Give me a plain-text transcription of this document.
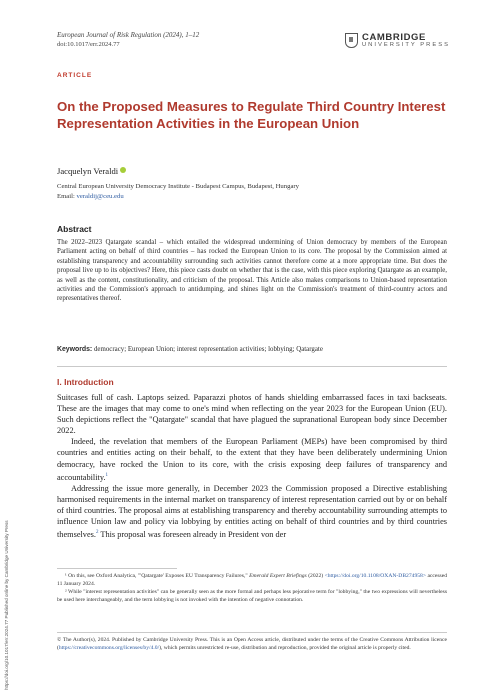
https://doi.org/10.1017/err.2024.77 Published online by Cambridge University Press
European Journal of Risk Regulation (2024), 1–12
doi:10.1017/err.2024.77
CAMBRIDGE
UNIVERSITY PRESS
ARTICLE
On the Proposed Measures to Regulate Third Country Interest Representation Activities in the European Union
Jacquelyn Veraldi
Central European University Democracy Institute - Budapest Campus, Budapest, Hungary
Email: veraldij@ceu.edu
Abstract
The 2022–2023 Qatargate scandal – which entailed the widespread undermining of Union democracy by members of the European Parliament acting on behalf of third countries – has rocked the European Union to its core. The proposal by the Commission aimed at establishing transparency and accountability surrounding such activities cannot therefore come at a more appropriate time. But does the proposal live up to its objectives? Here, this piece casts doubt on whether that is the case, with this piece exploring Qatargate as an example, as well as the content, constitutionality, and criticism of the proposal. This Article also makes comparisons to Union-based representation activities and the Commission's approach to antidumping, and shines light on the Commission's treatment of third-country actors and representatives thereof.
Keywords: democracy; European Union; interest representation activities; lobbying; Qatargate
I. Introduction

Suitcases full of cash. Laptops seized. Paparazzi photos of hands shielding embarrassed faces in taxi backseats. These are the images that may come to one's mind when reflecting on the year 2023 for the European Union (EU). Such depictions reflect the "Qatargate" scandal that have plagued the supranational European body since December 2022.

Indeed, the revelation that members of the European Parliament (MEPs) have been compromised by third countries and entities acting on their behalf, to the extent that they have been deliberately undermining Union democracy, have rocked the Union to its core, with the crisis exposing deep failures of transparency and accountability.$^1$

Addressing the issue more generally, in December 2023 the Commission proposed a Directive establishing harmonised requirements in the internal market on transparency of interest representation carried out by or on behalf of third countries. The proposal aims at establishing transparency and thereby accountability surrounding attempts to influence Union law and policy via lobbying by entities acting on behalf of third countries and by third countries themselves.$^2$ This proposal was foreseen already in President von der

¹ On this, see Oxford Analytica, "'Qatargate' Exposes EU Transparency Failures," Emerald Expert Briefings (2022) <https://doi.org/10.1108/OXAN-DB274958> accessed 11 January 2024.

² While "interest representation activities" can be generally seen as the more formal and perhaps less pejorative term for "lobbying," the two expressions will nevertheless be used here interchangeably, and the term lobbying is not invoked with the intention of negative connotation.

© The Author(s), 2024. Published by Cambridge University Press. This is an Open Access article, distributed under the terms of the Creative Commons Attribution licence (https://creativecommons.org/licenses/by/4.0/), which permits unrestricted re-use, distribution and reproduction, provided the original article is properly cited.
